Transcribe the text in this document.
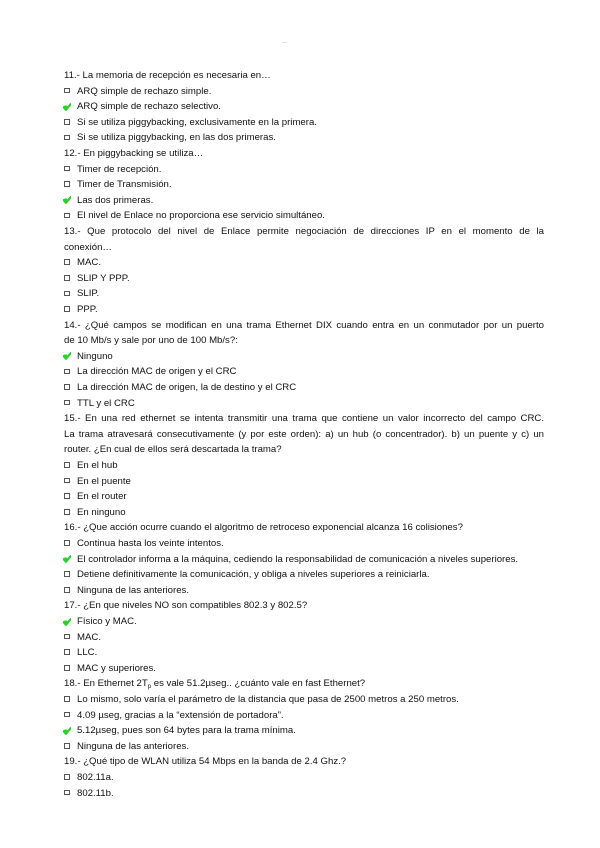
—
11.- La memoria de recepción es necesaria en…
ARQ simple de rechazo simple.
ARQ simple de rechazo selectivo.
Si se utiliza piggybacking, exclusivamente en la primera.
Si se utiliza piggybacking, en las dos primeras.
12.- En piggybacking se utiliza…
Timer de recepción.
Timer de Transmisión.
Las dos primeras.
El nivel de Enlace no proporciona ese servicio simultáneo.
13.- Que protocolo del nivel de Enlace permite negociación de direcciones IP en el momento de la
conexión…
MAC.
SLIP Y PPP.
SLIP.
PPP.
14.- ¿Qué campos se modifican en una trama Ethernet DIX cuando entra en un conmutador por un puerto
de 10 Mb/s y sale por uno de 100 Mb/s?:
Ninguno
La dirección MAC de origen y el CRC
La dirección MAC de origen, la de destino y el CRC
TTL y el CRC
15.- En una red ethernet se intenta transmitir una trama que contiene un valor incorrecto del campo CRC.
La trama atravesará consecutivamente (y por este orden): a) un hub (o concentrador). b) un puente y c) un
router. ¿En cual de ellos será descartada la trama?
En el hub
En el puente
En el router
En ninguno
16.- ¿Que acción ocurre cuando el algoritmo de retroceso exponencial alcanza 16 colisiones?
Continua hasta los veinte intentos.
El controlador informa a la máquina, cediendo la responsabilidad de comunicación a niveles superiores.
Detiene definitivamente la comunicación, y obliga a niveles superiores a reiniciarla.
Ninguna de las anteriores.
17.- ¿En que niveles NO son compatibles 802.3 y 802.5?
Físico y MAC.
MAC.
LLC.
MAC y superiores.
18.- En Ethernet $2T_p$ es vale 51.2µseg.. ¿cuánto vale en fast Ethernet?
Lo mismo, solo varía el parámetro de la distancia que pasa de 2500 metros a 250 metros.
4.09 µseg, gracias a la “extensión de portadora”.
5.12µseg, pues son 64 bytes para la trama mínima.
Ninguna de las anteriores.
19.- ¿Qué tipo de WLAN utiliza 54 Mbps en la banda de 2.4 Ghz.?
802.11a.
802.11b.
